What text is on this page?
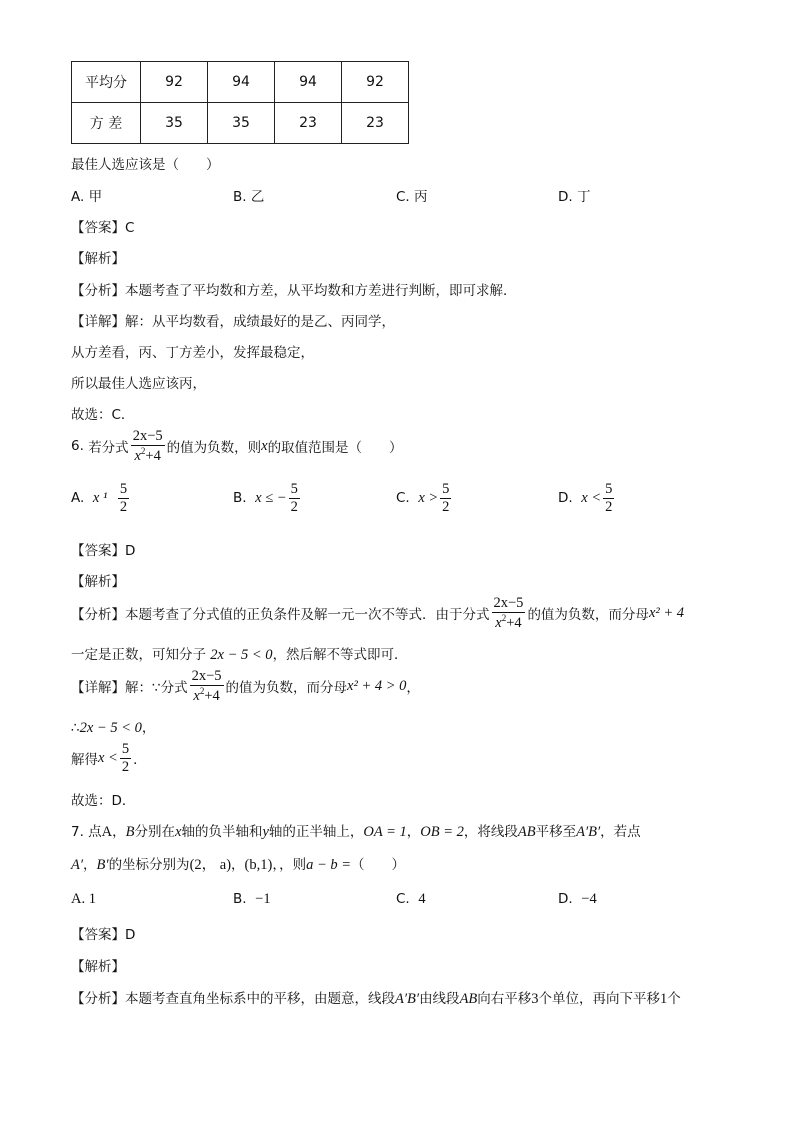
平均分	92	94	94	92
方 差	35	35	23	23
最佳人选应该是（　　）
A. 甲	B. 乙	C. 丙	D. 丁
【答案】C
【解析】
【分析】本题考查了平均数和方差，从平均数和方差进行判断，即可求解．
【详解】解：从平均数看，成绩最好的是乙、丙同学，
从方差看，丙、丁方差小，发挥最稳定，
所以最佳人选应该丙，
故选：C．
6.
若分式 $\frac{2x-5}{x^2+4}$ 的值为负数，则 x 的取值范围是（　　）
A.
x ¹
$\frac{5}{2}$	B.
x ≤ − $\frac{5}{2}$	C.
$x > \frac{5}{2}$	D.
$x < \frac{5}{2}$
【答案】D
【解析】
【分析】 本题考查了分式值的正负条件及解一元一次不等式．由于分式 $\frac{2x-5}{x^2+4}$ 的值为负数，而分母 x² + 4
一定是正数，可知分子 2x − 5 < 0，然后解不等式即可．
【详解】 解：∵分式 $\frac{2x-5}{x^2+4}$ 的值为负数，而分母 x² + 4 > 0 ，
∴2x − 5 < 0，
解得 $x < \frac{5}{2}$ ．
故选：D．
7. 点A，B分别在x轴的负半轴和y轴的正半轴上，OA = 1，OB = 2，将线段AB平移至A′B′，若点
A′，B′的坐标分别为(2， a)，(b,1)，，则a − b =（　　）
A. 1	B. −1	C. 4	D. −4
【答案】D
【解析】
【分析】本题考查直角坐标系中的平移，由题意，线段A′B′由线段AB向右平移3个单位，再向下平移1个
